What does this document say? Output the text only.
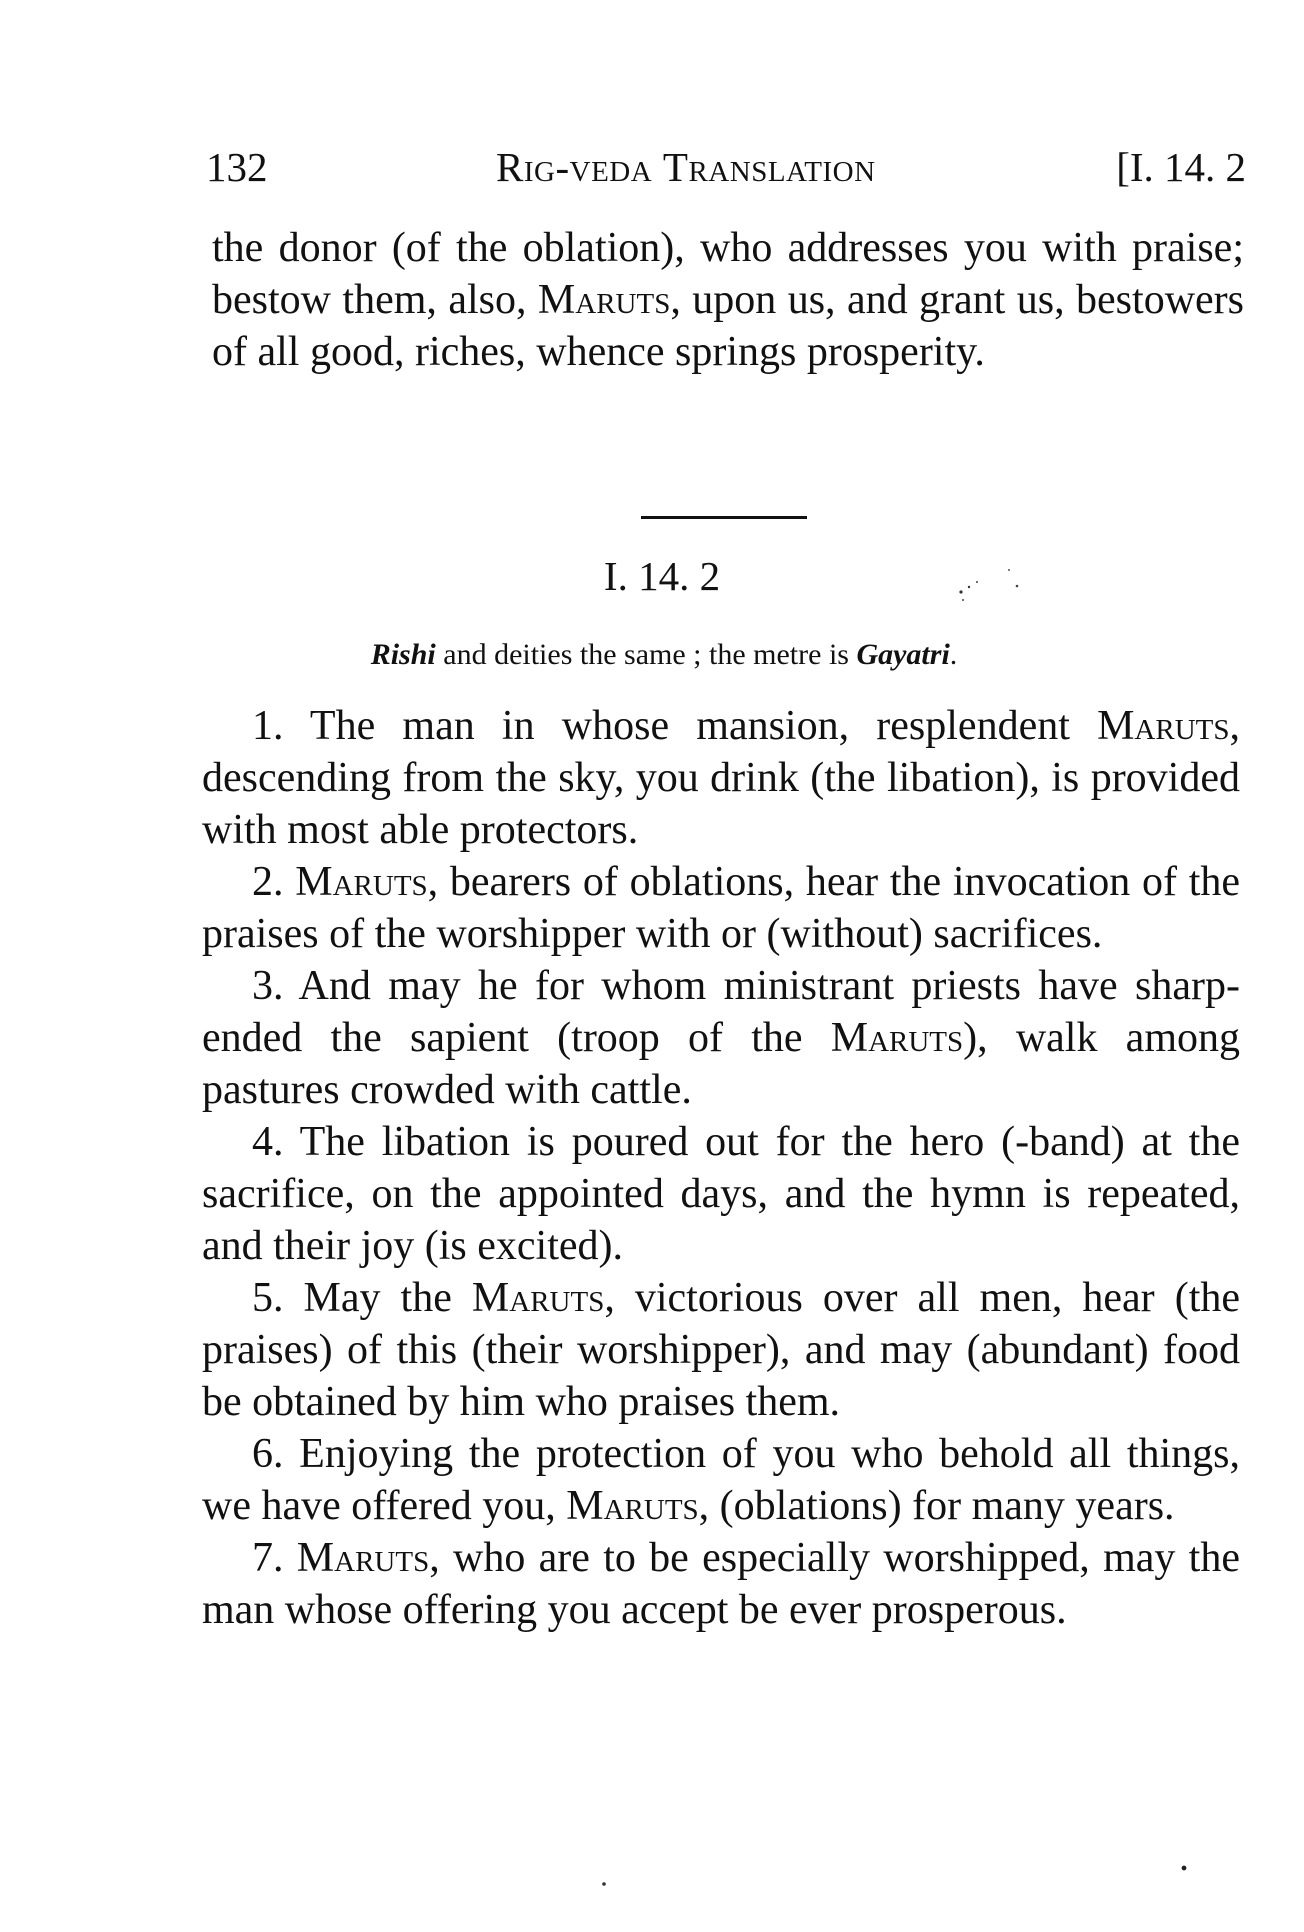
132	Rig-veda Translation	[I. 14. 2
the donor (of the oblation), who addresses you with praise; bestow them, also, Maruts, upon us, and grant us, bestowers of all good, riches, whence springs prosperity.
I. 14. 2
Rishi and deities the same ; the metre is Gayatri.

1. The man in whose mansion, resplendent Maruts, descending from the sky, you drink (the libation), is provided with most able protectors.

2. Maruts, bearers of oblations, hear the invocation of the praises of the worshipper with or (without) sacrifices.

3. And may he for whom ministrant priests have sharp-ended the sapient (troop of the Maruts), walk among pastures crowded with cattle.

4. The libation is poured out for the hero (-band) at the sacrifice, on the appointed days, and the hymn is repeated, and their joy (is excited).

5. May the Maruts, victorious over all men, hear (the praises) of this (their worshipper), and may (abundant) food be obtained by him who praises them.

6. Enjoying the protection of you who behold all things, we have offered you, Maruts, (oblations) for many years.

7. Maruts, who are to be especially worshipped, may the man whose offering you accept be ever prosperous.
